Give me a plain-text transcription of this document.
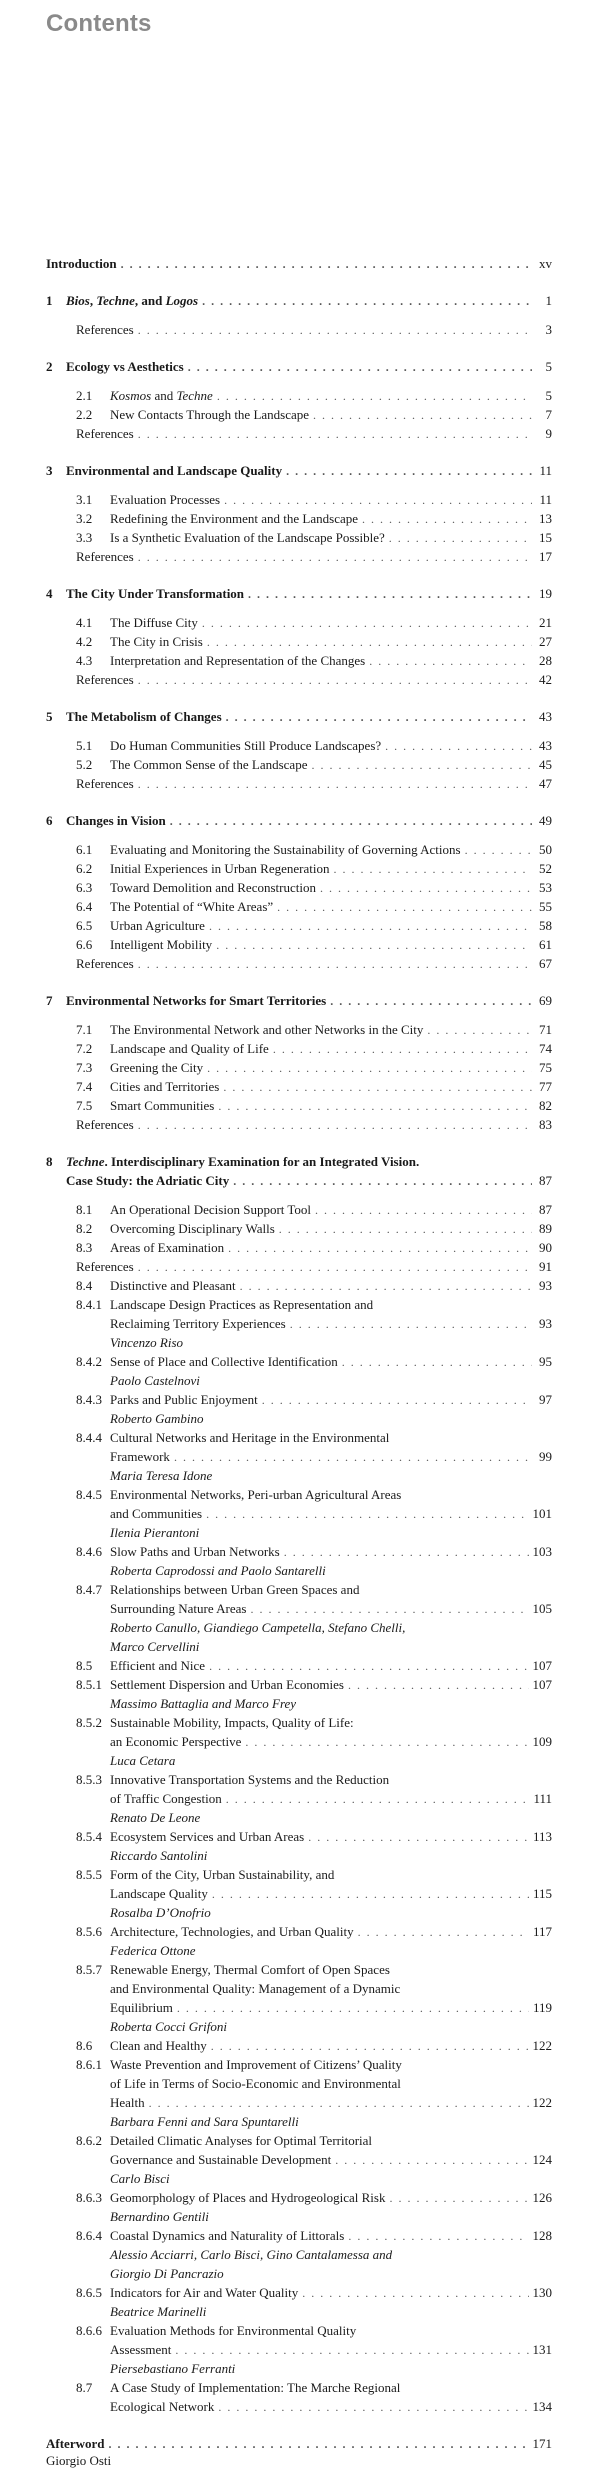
Contents
Introduction . . .	xv
1	Bios, Techne, and Logos . . .	1
References . . .	3
2	Ecology vs Aesthetics . . .	5
2.1	Kosmos and Techne . . .	5
2.2	New Contacts Through the Landscape . . .	7
References . . .	9
3	Environmental and Landscape Quality . . .	11
3.1	Evaluation Processes . . .	11
3.2	Redefining the Environment and the Landscape . . .	13
3.3	Is a Synthetic Evaluation of the Landscape Possible? . . .	15
References . . .	17
4	The City Under Transformation . . .	19
4.1	The Diffuse City . . .	21
4.2	The City in Crisis . . .	27
4.3	Interpretation and Representation of the Changes . . .	28
References . . .	42
5	The Metabolism of Changes . . .	43
5.1	Do Human Communities Still Produce Landscapes? . . .	43
5.2	The Common Sense of the Landscape . . .	45
References . . .	47
6	Changes in Vision . . .	49
6.1	Evaluating and Monitoring the Sustainability of Governing Actions . . .	50
6.2	Initial Experiences in Urban Regeneration . . .	52
6.3	Toward Demolition and Reconstruction . . .	53
6.4	The Potential of “White Areas” . . .	55
6.5	Urban Agriculture . . .	58
6.6	Intelligent Mobility . . .	61
References . . .	67
7	Environmental Networks for Smart Territories . . .	69
7.1	The Environmental Network and other Networks in the City . . .	71
7.2	Landscape and Quality of Life . . .	74
7.3	Greening the City . . .	75
7.4	Cities and Territories . . .	77
7.5	Smart Communities . . .	82
References . . .	83
8	Techne. Interdisciplinary Examination for an Integrated Vision.
Case Study: the Adriatic City . . .	87
8.1	An Operational Decision Support Tool . . .	87
8.2	Overcoming Disciplinary Walls . . .	89
8.3	Areas of Examination . . .	90
References . . .	91
8.4	Distinctive and Pleasant . . .	93
8.4.1 Landscape Design Practices as Representation and
Reclaiming Territory Experiences . . .	93
Vincenzo Riso
8.4.2 Sense of Place and Collective Identification . . .	95
Paolo Castelnovi
8.4.3 Parks and Public Enjoyment . . .	97
Roberto Gambino
8.4.4 Cultural Networks and Heritage in the Environmental
Framework . . .	99
Maria Teresa Idone
8.4.5 Environmental Networks, Peri-urban Agricultural Areas
and Communities . . .	101
Ilenia Pierantoni
8.4.6 Slow Paths and Urban Networks . . .	103
Roberta Caprodossi and Paolo Santarelli
8.4.7 Relationships between Urban Green Spaces and
Surrounding Nature Areas . . .	105
Roberto Canullo, Giandiego Campetella, Stefano Chelli,
Marco Cervellini
8.5	Efficient and Nice . . .	107
8.5.1 Settlement Dispersion and Urban Economies . . .	107
Massimo Battaglia and Marco Frey
8.5.2 Sustainable Mobility, Impacts, Quality of Life:
an Economic Perspective . . .	109
Luca Cetara
8.5.3 Innovative Transportation Systems and the Reduction
of Traffic Congestion . . .	111
Renato De Leone
8.5.4 Ecosystem Services and Urban Areas . . .	113
Riccardo Santolini
8.5.5 Form of the City, Urban Sustainability, and
Landscape Quality . . .	115
Rosalba D’Onofrio
8.5.6 Architecture, Technologies, and Urban Quality . . .	117
Federica Ottone
8.5.7 Renewable Energy, Thermal Comfort of Open Spaces
and Environmental Quality: Management of a Dynamic
Equilibrium . . .	119
Roberta Cocci Grifoni
8.6	Clean and Healthy . . .	122
8.6.1 Waste Prevention and Improvement of Citizens’ Quality
of Life in Terms of Socio-Economic and Environmental
Health . . .	122
Barbara Fenni and Sara Spuntarelli
8.6.2 Detailed Climatic Analyses for Optimal Territorial
Governance and Sustainable Development . . .	124
Carlo Bisci
8.6.3 Geomorphology of Places and Hydrogeological Risk . . .	126
Bernardino Gentili
8.6.4 Coastal Dynamics and Naturality of Littorals . . .	128
Alessio Acciarri, Carlo Bisci, Gino Cantalamessa and
Giorgio Di Pancrazio
8.6.5 Indicators for Air and Water Quality . . .	130
Beatrice Marinelli
8.6.6 Evaluation Methods for Environmental Quality
Assessment . . .	131
Piersebastiano Ferranti
8.7	A Case Study of Implementation: The Marche Regional
Ecological Network . . .	134
Afterword . . .	171
Giorgio Osti
